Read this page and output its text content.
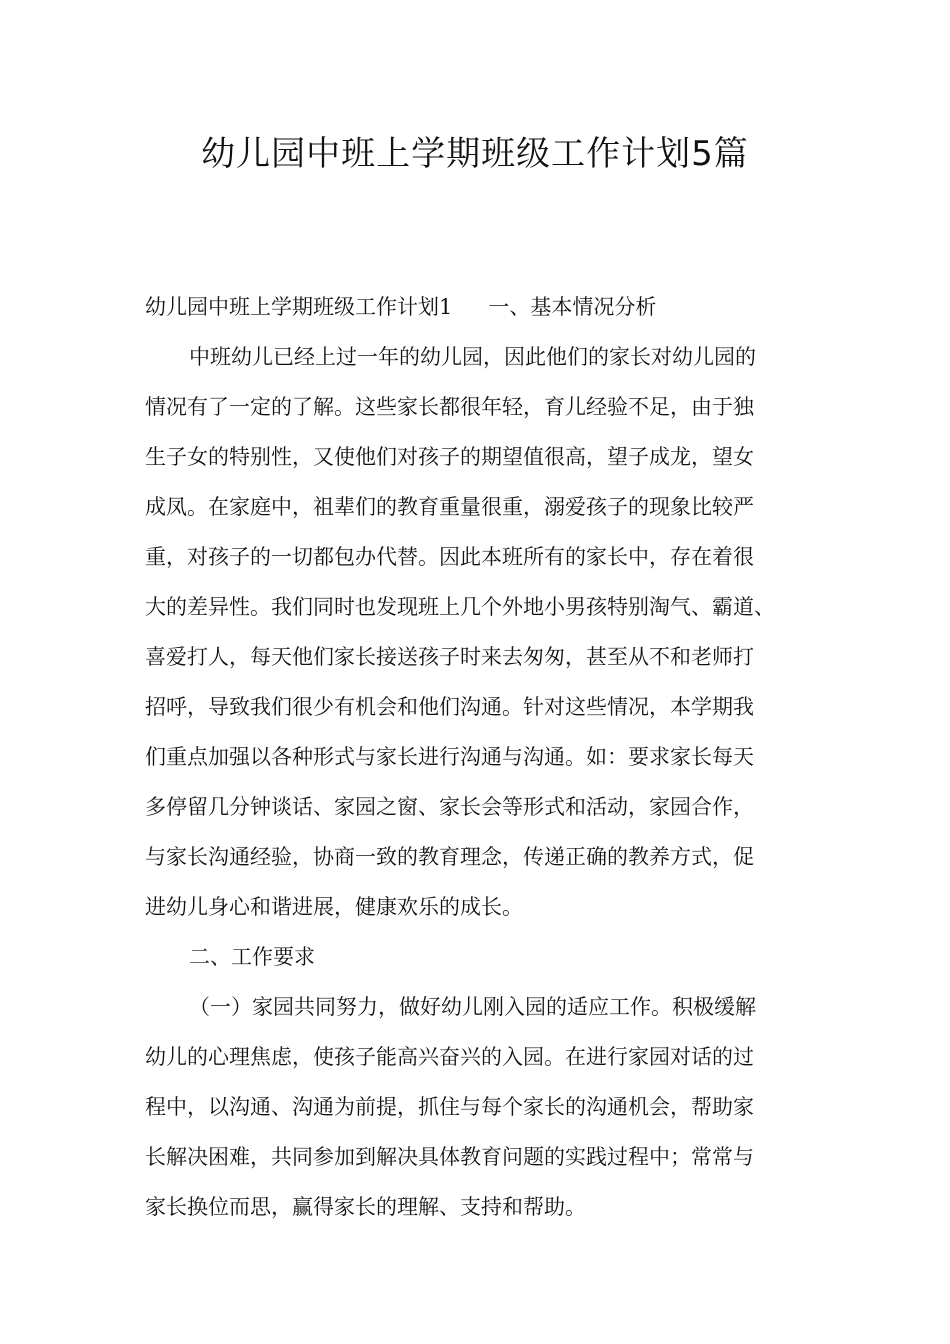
幼儿园中班上学期班级工作计划5篇
幼儿园中班上学期班级工作计划1 一、基本情况分析
中班幼儿已经上过一年的幼儿园，因此他们的家长对幼儿园的
情况有了一定的了解。这些家长都很年轻，育儿经验不足，由于独
生子女的特别性，又使他们对孩子的期望值很高，望子成龙，望女
成凤。在家庭中，祖辈们的教育重量很重，溺爱孩子的现象比较严
重，对孩子的一切都包办代替。因此本班所有的家长中，存在着很
大的差异性。我们同时也发现班上几个外地小男孩特别淘气、霸道、
喜爱打人，每天他们家长接送孩子时来去匆匆，甚至从不和老师打
招呼，导致我们很少有机会和他们沟通。针对这些情况，本学期我
们重点加强以各种形式与家长进行沟通与沟通。如：要求家长每天
多停留几分钟谈话、家园之窗、家长会等形式和活动，家园合作，
与家长沟通经验，协商一致的教育理念，传递正确的教养方式，促
进幼儿身心和谐进展，健康欢乐的成长。
二、工作要求
（一）家园共同努力，做好幼儿刚入园的适应工作。积极缓解
幼儿的心理焦虑，使孩子能高兴奋兴的入园。在进行家园对话的过
程中，以沟通、沟通为前提，抓住与每个家长的沟通机会，帮助家
长解决困难，共同参加到解决具体教育问题的实践过程中；常常与
家长换位而思，赢得家长的理解、支持和帮助。
